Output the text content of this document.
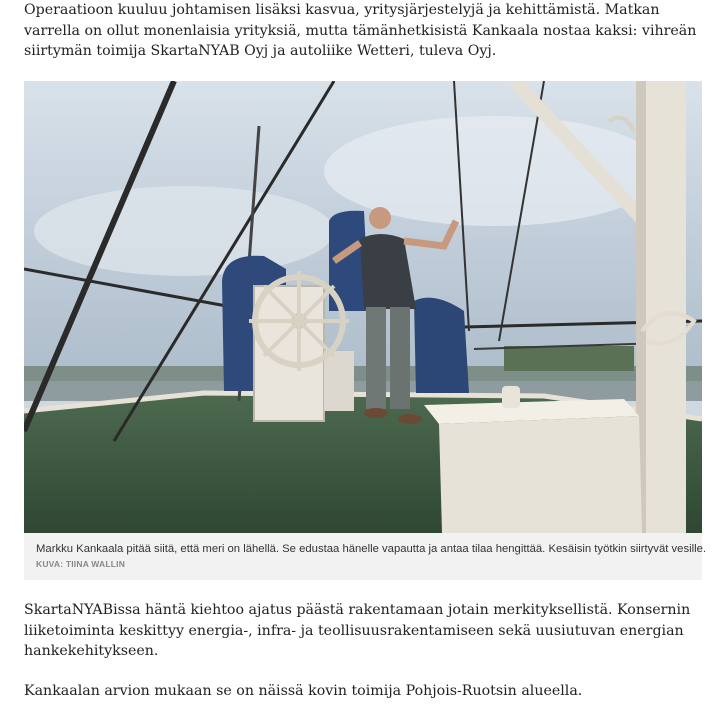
Operaatioon kuuluu johtamisen lisäksi kasvua, yritysjärjestelyjä ja kehittämistä. Matkan varrella on ollut monenlaisia yrityksiä, mutta tämänhetkisistä Kankaala nostaa kaksi: vihreän siirtymän toimija SkartaNYAB Oyj ja autoliike Wetteri, tuleva Oyj.

Markku Kankaala pitää siitä, että meri on lähellä. Se edustaa hänelle vapautta ja antaa tilaa hengittää. Kesäisin työtkin siirtyvät vesille.
KUVA: TIINA WALLIN

SkartaNYABissa häntä kiehtoo ajatus päästä rakentamaan jotain merkityksellistä. Konsernin liiketoiminta keskittyy energia-, infra- ja teollisuusrakentamiseen sekä uusiutuvan energian hankekehitykseen.

Kankaalan arvion mukaan se on näissä kovin toimija Pohjois-Ruotsin alueella.
